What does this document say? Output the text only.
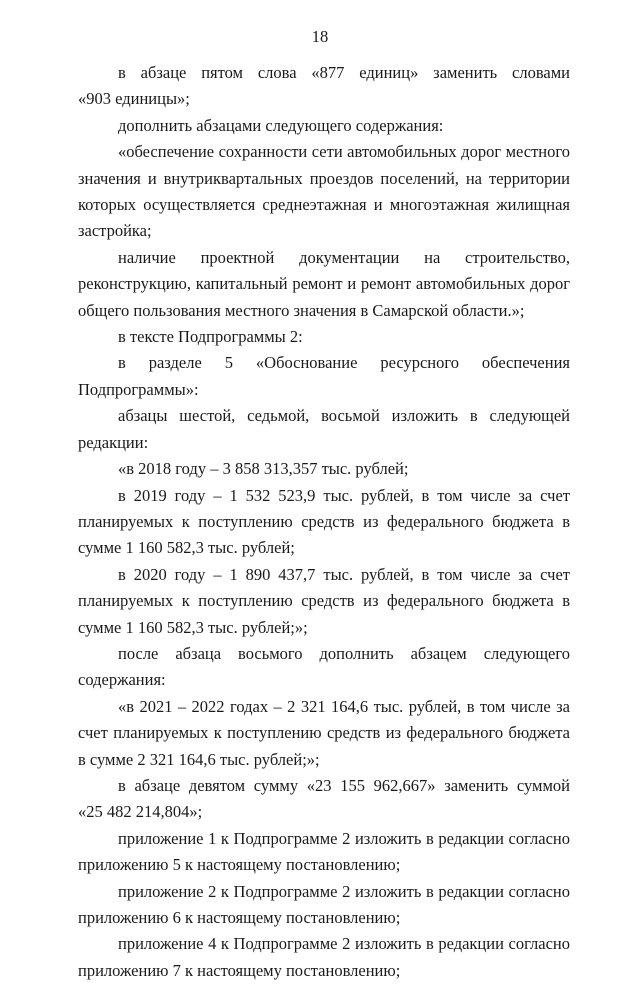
18

в абзаце пятом слова «877 единиц» заменить словами
«903 единицы»;

дополнить абзацами следующего содержания:

«обеспечение сохранности сети автомобильных дорог местного значения и внутриквартальных проездов поселений, на территории которых осуществляется среднеэтажная и многоэтажная жилищная застройка;

наличие проектной документации на строительство, реконструкцию, капитальный ремонт и ремонт автомобильных дорог общего пользования местного значения в Самарской области.»;

в тексте Подпрограммы 2:

в разделе 5 «Обоснование ресурсного обеспечения Подпрограммы»:

абзацы шестой, седьмой, восьмой изложить в следующей редакции:

«в 2018 году – 3 858 313,357 тыс. рублей;

в 2019 году – 1 532 523,9 тыс. рублей, в том числе за счет планируемых к поступлению средств из федерального бюджета в сумме 1 160 582,3 тыс. рублей;

в 2020 году – 1 890 437,7 тыс. рублей, в том числе за счет планируемых к поступлению средств из федерального бюджета в сумме 1 160 582,3 тыс. рублей;»;

после абзаца восьмого дополнить абзацем следующего содержания:

«в 2021 – 2022 годах – 2 321 164,6 тыс. рублей, в том числе за счет планируемых к поступлению средств из федерального бюджета в сумме 2 321 164,6 тыс. рублей;»;

в абзаце девятом сумму «23 155 962,667» заменить суммой
«25 482 214,804»;

приложение 1 к Подпрограмме 2 изложить в редакции согласно приложению 5 к настоящему постановлению;

приложение 2 к Подпрограмме 2 изложить в редакции согласно приложению 6 к настоящему постановлению;

приложение 4 к Подпрограмме 2 изложить в редакции согласно приложению 7 к настоящему постановлению;
